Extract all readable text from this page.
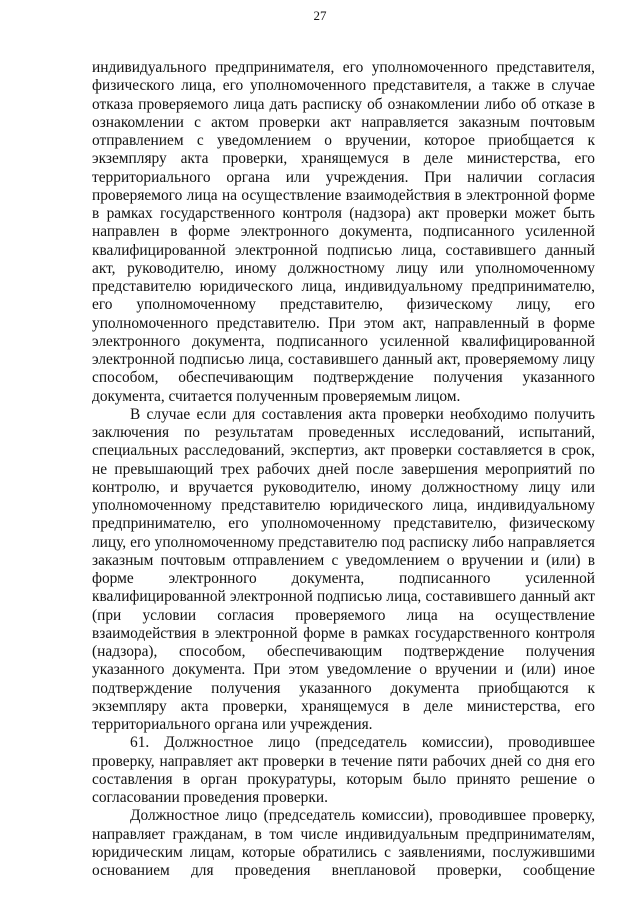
27

индивидуального предпринимателя, его уполномоченного представителя, физического лица, его уполномоченного представителя, а также в случае отказа проверяемого лица дать расписку об ознакомлении либо об отказе в ознакомлении с актом проверки акт направляется заказным почтовым отправлением с уведомлением о вручении, которое приобщается к экземпляру акта проверки, хранящемуся в деле министерства, его территориального органа или учреждения. При наличии согласия проверяемого лица на осуществление взаимодействия в электронной форме в рамках государственного контроля (надзора) акт проверки может быть направлен в форме электронного документа, подписанного усиленной квалифицированной электронной подписью лица, составившего данный акт, руководителю, иному должностному лицу или уполномоченному представителю юридического лица, индивидуальному предпринимателю, его уполномоченному представителю, физическому лицу, его уполномоченного представителю. При этом акт, направленный в форме электронного документа, подписанного усиленной квалифицированной электронной подписью лица, составившего данный акт, проверяемому лицу способом, обеспечивающим подтверждение получения указанного документа, считается полученным проверяемым лицом.

В случае если для составления акта проверки необходимо получить заключения по результатам проведенных исследований, испытаний, специальных расследований, экспертиз, акт проверки составляется в срок, не превышающий трех рабочих дней после завершения мероприятий по контролю, и вручается руководителю, иному должностному лицу или уполномоченному представителю юридического лица, индивидуальному предпринимателю, его уполномоченному представителю, физическому лицу, его уполномоченному представителю под расписку либо направляется заказным почтовым отправлением с уведомлением о вручении и (или) в форме электронного документа, подписанного усиленной квалифицированной электронной подписью лица, составившего данный акт (при условии согласия проверяемого лица на осуществление взаимодействия в электронной форме в рамках государственного контроля (надзора), способом, обеспечивающим подтверждение получения указанного документа. При этом уведомление о вручении и (или) иное подтверждение получения указанного документа приобщаются к экземпляру акта проверки, хранящемуся в деле министерства, его территориального органа или учреждения.

61. Должностное лицо (председатель комиссии), проводившее проверку, направляет акт проверки в течение пяти рабочих дней со дня его составления в орган прокуратуры, которым было принято решение о согласовании проведения проверки.

Должностное лицо (председатель комиссии), проводившее проверку, направляет гражданам, в том числе индивидуальным предпринимателям, юридическим лицам, которые обратились с заявлениями, послужившими основанием для проведения внеплановой проверки, сообщение
